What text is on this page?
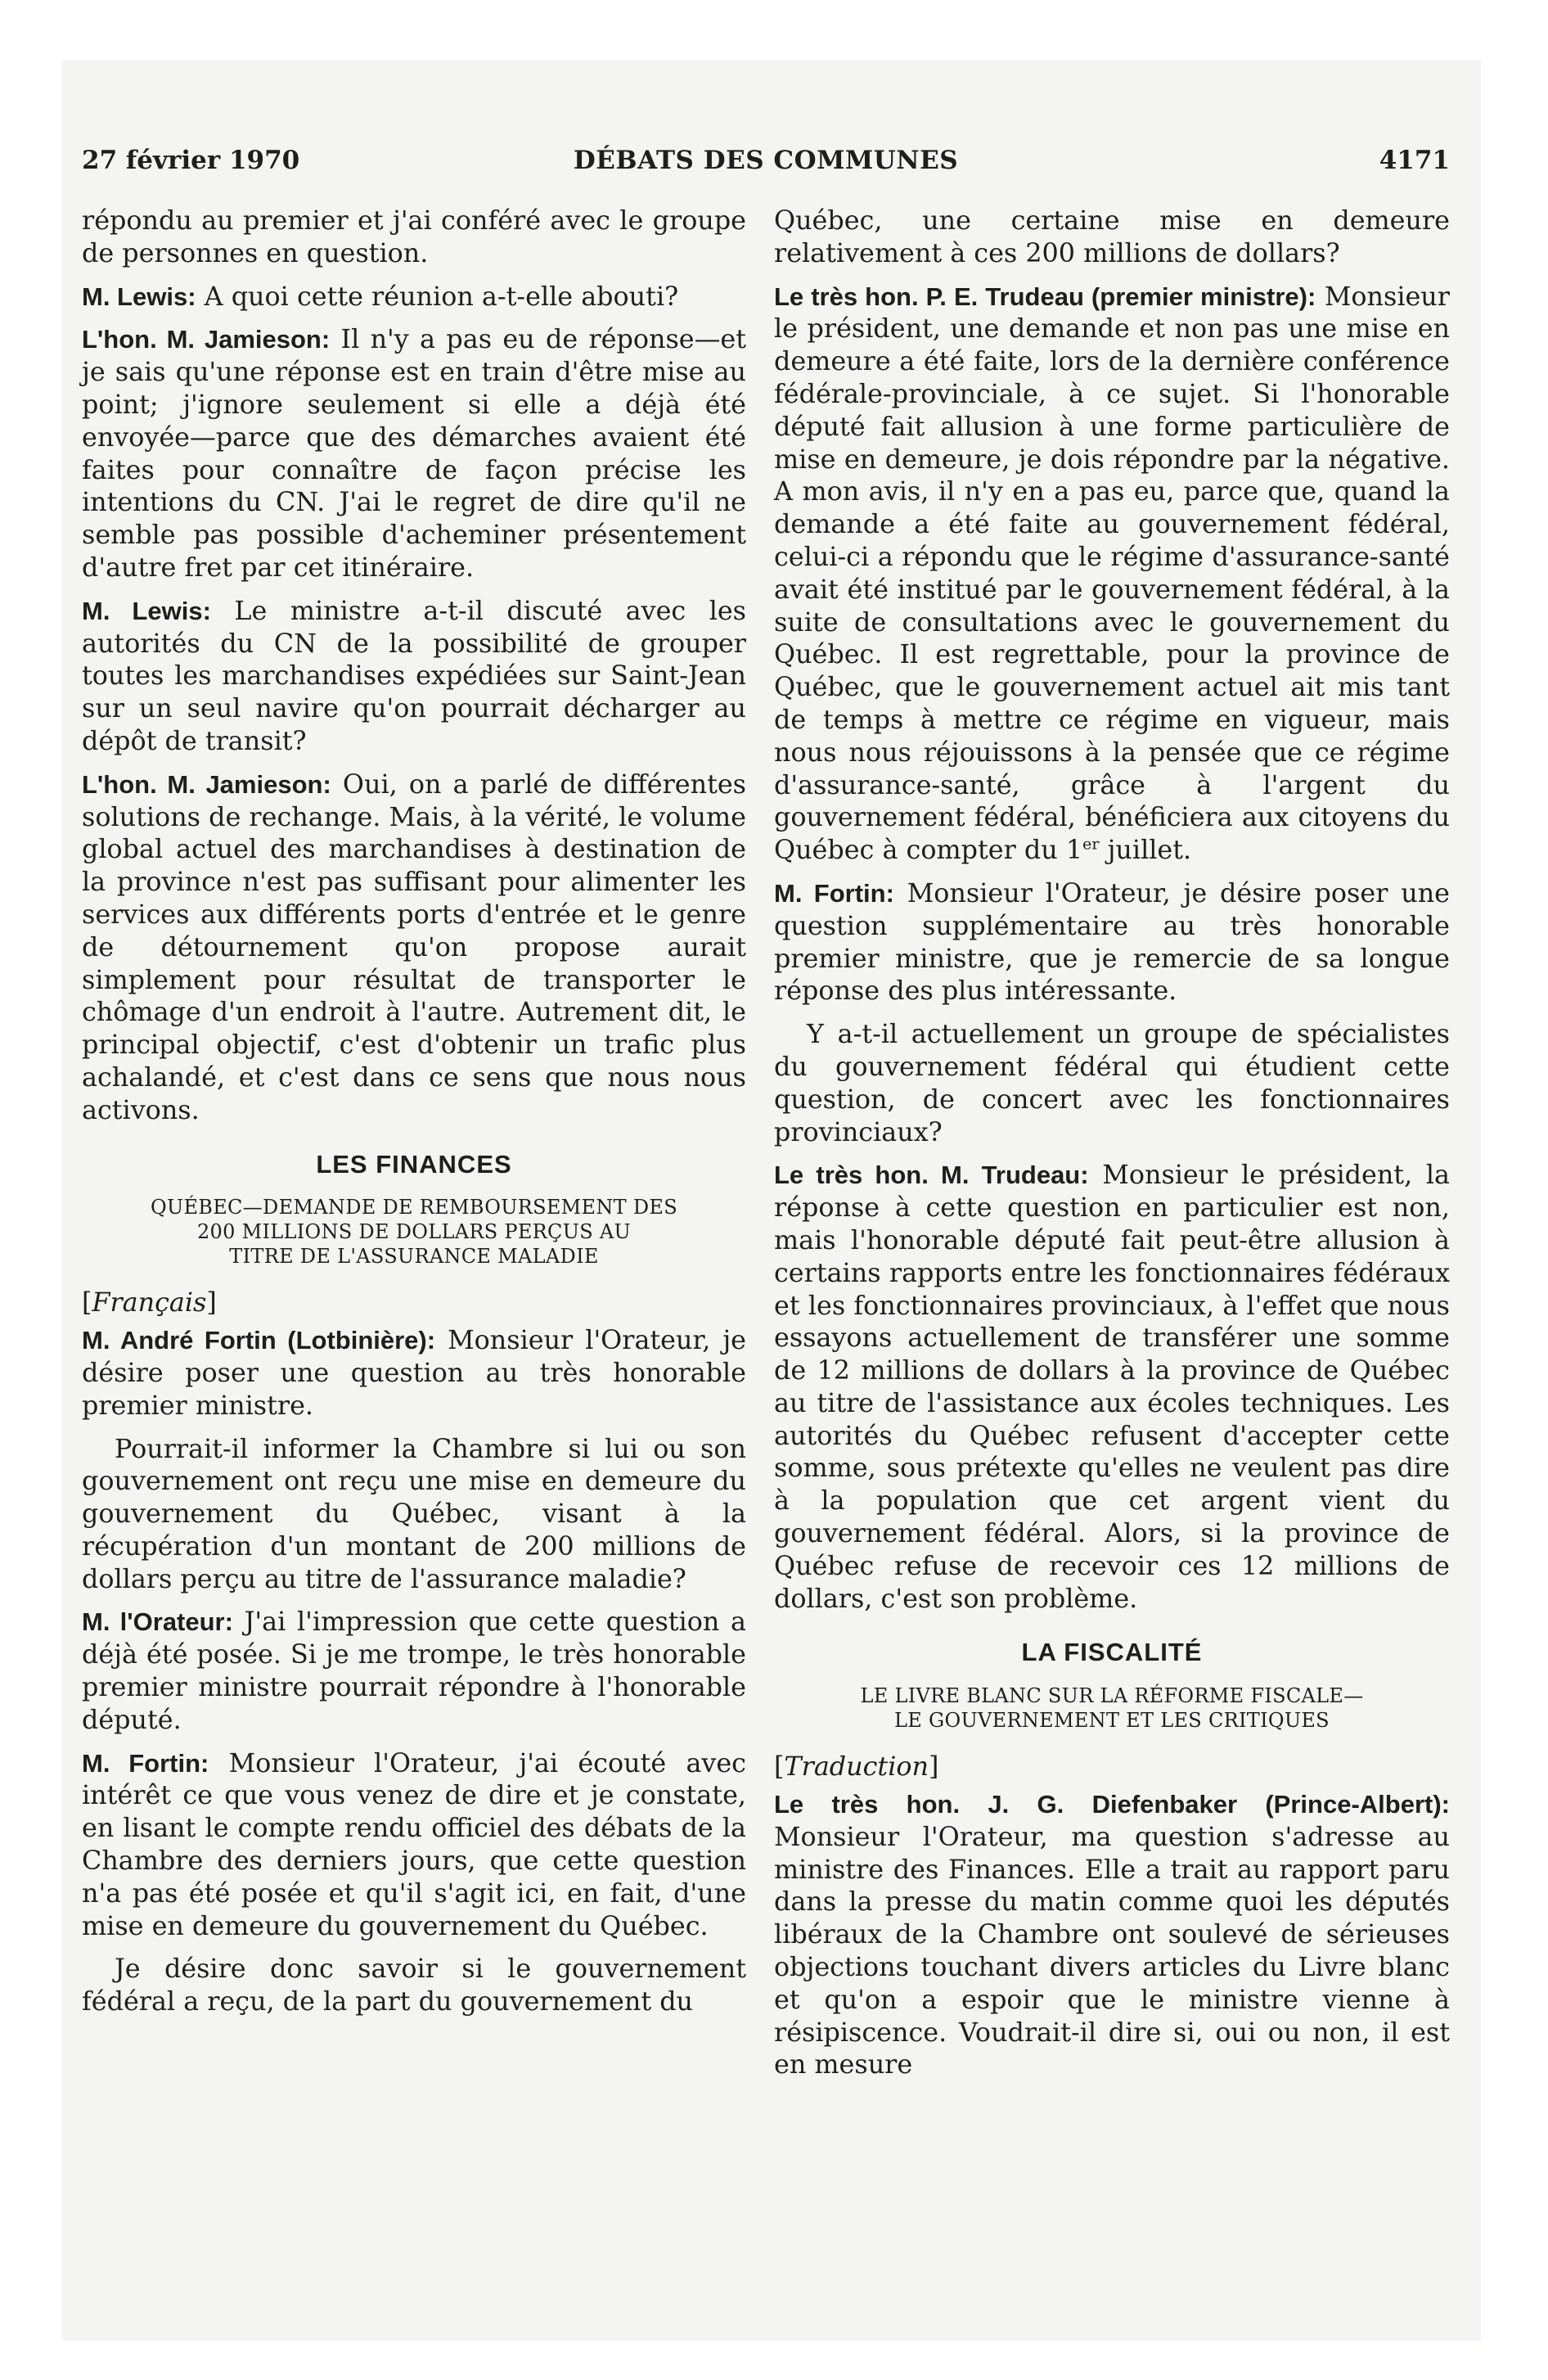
27 février 1970	DÉBATS DES COMMUNES	4171

répondu au premier et j'ai conféré avec le groupe de personnes en question.

M. Lewis: A quoi cette réunion a-t-elle abouti?

L'hon. M. Jamieson: Il n'y a pas eu de réponse—et je sais qu'une réponse est en train d'être mise au point; j'ignore seulement si elle a déjà été envoyée—parce que des démarches avaient été faites pour connaître de façon précise les intentions du CN. J'ai le regret de dire qu'il ne semble pas possible d'acheminer présentement d'autre fret par cet itinéraire.

M. Lewis: Le ministre a-t-il discuté avec les autorités du CN de la possibilité de grouper toutes les marchandises expédiées sur Saint-Jean sur un seul navire qu'on pourrait décharger au dépôt de transit?

L'hon. M. Jamieson: Oui, on a parlé de différentes solutions de rechange. Mais, à la vérité, le volume global actuel des marchandises à destination de la province n'est pas suffisant pour alimenter les services aux différents ports d'entrée et le genre de détournement qu'on propose aurait simplement pour résultat de transporter le chômage d'un endroit à l'autre. Autrement dit, le principal objectif, c'est d'obtenir un trafic plus achalandé, et c'est dans ce sens que nous nous activons.

LES FINANCES
QUÉBEC—DEMANDE DE REMBOURSEMENT DES
200 MILLIONS DE DOLLARS PERÇUS AU
TITRE DE L'ASSURANCE MALADIE

[Français]

M. André Fortin (Lotbinière): Monsieur l'Orateur, je désire poser une question au très honorable premier ministre.

Pourrait-il informer la Chambre si lui ou son gouvernement ont reçu une mise en demeure du gouvernement du Québec, visant à la récupération d'un montant de 200 millions de dollars perçu au titre de l'assurance maladie?

M. l'Orateur: J'ai l'impression que cette question a déjà été posée. Si je me trompe, le très honorable premier ministre pourrait répondre à l'honorable député.

M. Fortin: Monsieur l'Orateur, j'ai écouté avec intérêt ce que vous venez de dire et je constate, en lisant le compte rendu officiel des débats de la Chambre des derniers jours, que cette question n'a pas été posée et qu'il s'agit ici, en fait, d'une mise en demeure du gouvernement du Québec.

Je désire donc savoir si le gouvernement fédéral a reçu, de la part du gouvernement du

Québec, une certaine mise en demeure relativement à ces 200 millions de dollars?

Le très hon. P. E. Trudeau (premier ministre): Monsieur le président, une demande et non pas une mise en demeure a été faite, lors de la dernière conférence fédérale-provinciale, à ce sujet. Si l'honorable député fait allusion à une forme particulière de mise en demeure, je dois répondre par la négative. A mon avis, il n'y en a pas eu, parce que, quand la demande a été faite au gouvernement fédéral, celui-ci a répondu que le régime d'assurance-santé avait été institué par le gouvernement fédéral, à la suite de consultations avec le gouvernement du Québec. Il est regrettable, pour la province de Québec, que le gouvernement actuel ait mis tant de temps à mettre ce régime en vigueur, mais nous nous réjouissons à la pensée que ce régime d'assurance-santé, grâce à l'argent du gouvernement fédéral, bénéficiera aux citoyens du Québec à compter du 1er juillet.

M. Fortin: Monsieur l'Orateur, je désire poser une question supplémentaire au très honorable premier ministre, que je remercie de sa longue réponse des plus intéressante.

Y a-t-il actuellement un groupe de spécialistes du gouvernement fédéral qui étudient cette question, de concert avec les fonctionnaires provinciaux?

Le très hon. M. Trudeau: Monsieur le président, la réponse à cette question en particulier est non, mais l'honorable député fait peut-être allusion à certains rapports entre les fonctionnaires fédéraux et les fonctionnaires provinciaux, à l'effet que nous essayons actuellement de transférer une somme de 12 millions de dollars à la province de Québec au titre de l'assistance aux écoles techniques. Les autorités du Québec refusent d'accepter cette somme, sous prétexte qu'elles ne veulent pas dire à la population que cet argent vient du gouvernement fédéral. Alors, si la province de Québec refuse de recevoir ces 12 millions de dollars, c'est son problème.

LA FISCALITÉ
LE LIVRE BLANC SUR LA RÉFORME FISCALE—
LE GOUVERNEMENT ET LES CRITIQUES

[Traduction]

Le très hon. J. G. Diefenbaker (Prince-Albert): Monsieur l'Orateur, ma question s'adresse au ministre des Finances. Elle a trait au rapport paru dans la presse du matin comme quoi les députés libéraux de la Chambre ont soulevé de sérieuses objections touchant divers articles du Livre blanc et qu'on a espoir que le ministre vienne à résipiscence. Voudrait-il dire si, oui ou non, il est en mesure
